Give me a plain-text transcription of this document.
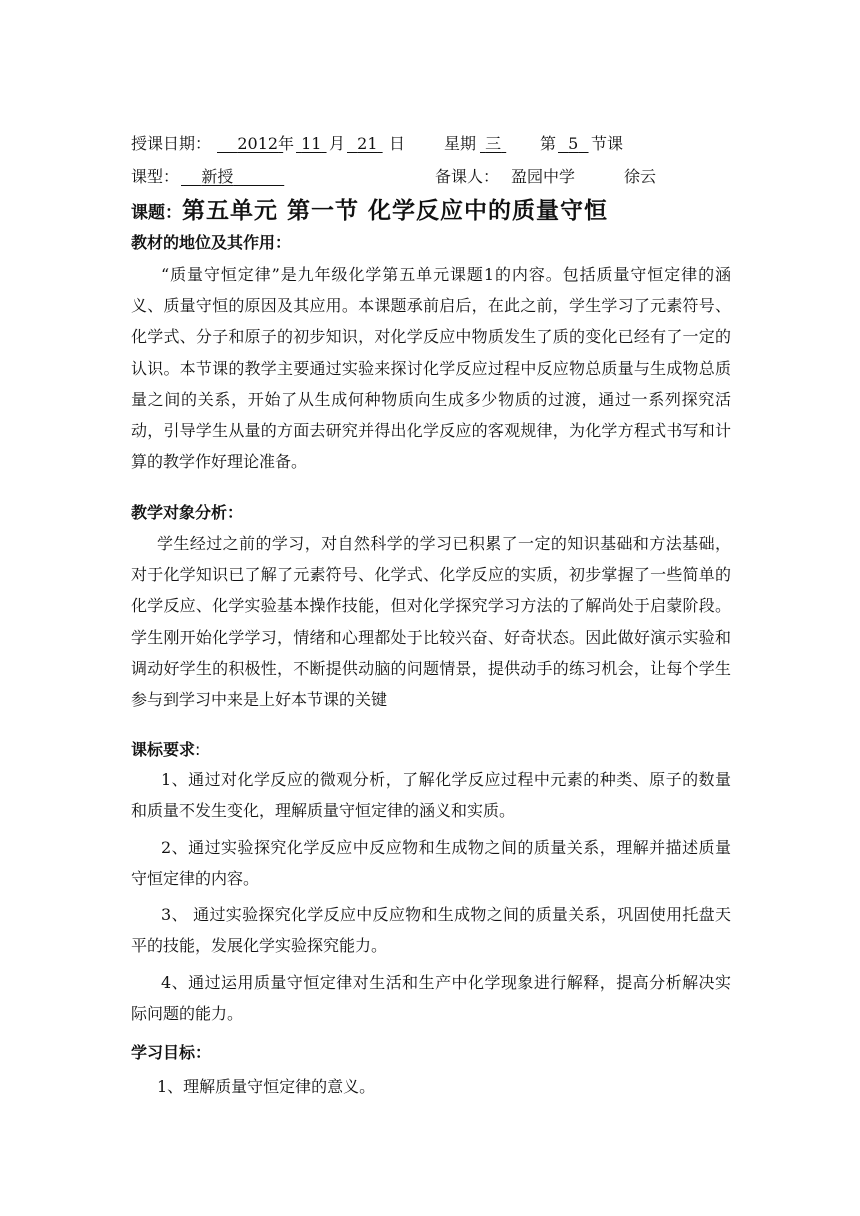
授课日期：	2012 年 11 月 21 日 星期 三	第 5 节课
课型：	新授	备课人： 盈园中学	徐云
课题：第五单元 第一节 化学反应中的质量守恒
教材的地位及其作用：

“质量守恒定律”是九年级化学第五单元课题1的内容。包括质量守恒定律的涵义、质量守恒的原因及其应用。本课题承前启后，在此之前，学生学习了元素符号、化学式、分子和原子的初步知识，对化学反应中物质发生了质的变化已经有了一定的认识。本节课的教学主要通过实验来探讨化学反应过程中反应物总质量与生成物总质量之间的关系，开始了从生成何种物质向生成多少物质的过渡，通过一系列探究活动，引导学生从量的方面去研究并得出化学反应的客观规律，为化学方程式书写和计算的教学作好理论准备。

教学对象分析：

学生经过之前的学习，对自然科学的学习已积累了一定的知识基础和方法基础，对于化学知识已了解了元素符号、化学式、化学反应的实质，初步掌握了一些简单的化学反应、化学实验基本操作技能，但对化学探究学习方法的了解尚处于启蒙阶段。学生刚开始化学学习，情绪和心理都处于比较兴奋、好奇状态。因此做好演示实验和调动好学生的积极性，不断提供动脑的问题情景，提供动手的练习机会，让每个学生参与到学习中来是上好本节课的关键

课标要求:

1、通过对化学反应的微观分析，了解化学反应过程中元素的种类、原子的数量和质量不发生变化，理解质量守恒定律的涵义和实质。

2、通过实验探究化学反应中反应物和生成物之间的质量关系，理解并描述质量守恒定律的内容。

3、 通过实验探究化学反应中反应物和生成物之间的质量关系，巩固使用托盘天平的技能，发展化学实验探究能力。

4、通过运用质量守恒定律对生活和生产中化学现象进行解释，提高分析解决实际问题的能力。

学习目标：

1、理解质量守恒定律的意义。
